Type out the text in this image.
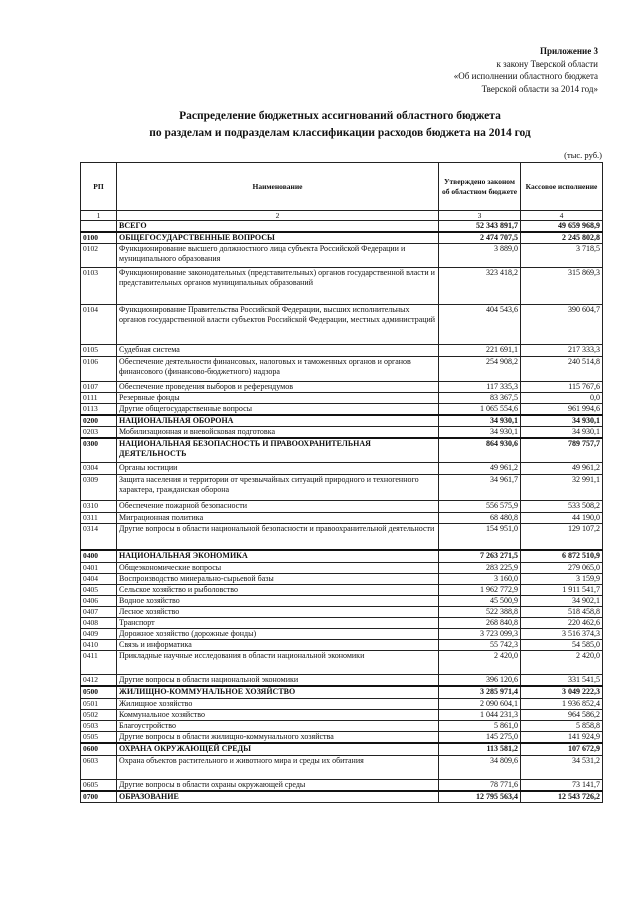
Приложение 3
к закону Тверской области
«Об исполнении областного бюджета
Тверской области за 2014 год»
Распределение бюджетных ассигнований областного бюджета
по разделам и подразделам классификации расходов бюджета на 2014 год
(тыс. руб.)
РП	Наименование	Утверждено законом об областном бюджете	Кассовое исполнение
1	2	3	4
	ВСЕГО	52 343 891,7	49 659 968,9
0100	ОБЩЕГОСУДАРСТВЕННЫЕ ВОПРОСЫ	2 474 707,5	2 245 802,8
0102	Функционирование высшего должностного лица субъекта Российской Федерации и муниципального образования	3 889,0	3 718,5
0103	Функционирование законодательных (представительных) органов государственной власти и представительных органов муниципальных образований	323 418,2	315 869,3
0104	Функционирование Правительства Российской Федерации, высших исполнительных органов государственной власти субъектов Российской Федерации, местных администраций	404 543,6	390 604,7
0105	Судебная система	221 691,1	217 333,3
0106	Обеспечение деятельности финансовых, налоговых и таможенных органов и органов финансового (финансово-бюджетного) надзора	254 908,2	240 514,8
0107	Обеспечение проведения выборов и референдумов	117 335,3	115 767,6
0111	Резервные фонды	83 367,5	0,0
0113	Другие общегосударственные вопросы	1 065 554,6	961 994,6
0200	НАЦИОНАЛЬНАЯ ОБОРОНА	34 930,1	34 930,1
0203	Мобилизационная и вневойсковая подготовка	34 930,1	34 930,1
0300	НАЦИОНАЛЬНАЯ БЕЗОПАСНОСТЬ И ПРАВООХРАНИТЕЛЬНАЯ ДЕЯТЕЛЬНОСТЬ	864 930,6	789 757,7
0304	Органы юстиции	49 961,2	49 961,2
0309	Защита населения и территории от чрезвычайных ситуаций природного и техногенного характера, гражданская оборона	34 961,7	32 991,1
0310	Обеспечение пожарной безопасности	556 575,9	533 508,2
0311	Миграционная политика	68 480,8	44 190,0
0314	Другие вопросы в области национальной безопасности и правоохранительной деятельности	154 951,0	129 107,2
0400	НАЦИОНАЛЬНАЯ ЭКОНОМИКА	7 263 271,5	6 872 510,9
0401	Общеэкономические вопросы	283 225,9	279 065,0
0404	Воспроизводство минерально-сырьевой базы	3 160,0	3 159,9
0405	Сельское хозяйство и рыболовство	1 962 772,9	1 911 541,7
0406	Водное хозяйство	45 500,9	34 902,1
0407	Лесное хозяйство	522 388,8	518 458,8
0408	Транспорт	268 840,8	220 462,6
0409	Дорожное хозяйство (дорожные фонды)	3 723 099,3	3 516 374,3
0410	Связь и информатика	55 742,3	54 585,0
0411	Прикладные научные исследования в области национальной экономики	2 420,0	2 420,0
0412	Другие вопросы в области национальной экономики	396 120,6	331 541,5
0500	ЖИЛИЩНО-КОММУНАЛЬНОЕ ХОЗЯЙСТВО	3 285 971,4	3 049 222,3
0501	Жилищное хозяйство	2 090 604,1	1 936 852,4
0502	Коммунальное хозяйство	1 044 231,3	964 586,2
0503	Благоустройство	5 861,0	5 858,8
0505	Другие вопросы в области жилищно-коммунального хозяйства	145 275,0	141 924,9
0600	ОХРАНА ОКРУЖАЮЩЕЙ СРЕДЫ	113 581,2	107 672,9
0603	Охрана объектов растительного и животного мира и среды их обитания	34 809,6	34 531,2
0605	Другие вопросы в области охраны окружающей среды	78 771,6	73 141,7
0700	ОБРАЗОВАНИЕ	12 795 563,4	12 543 726,2
